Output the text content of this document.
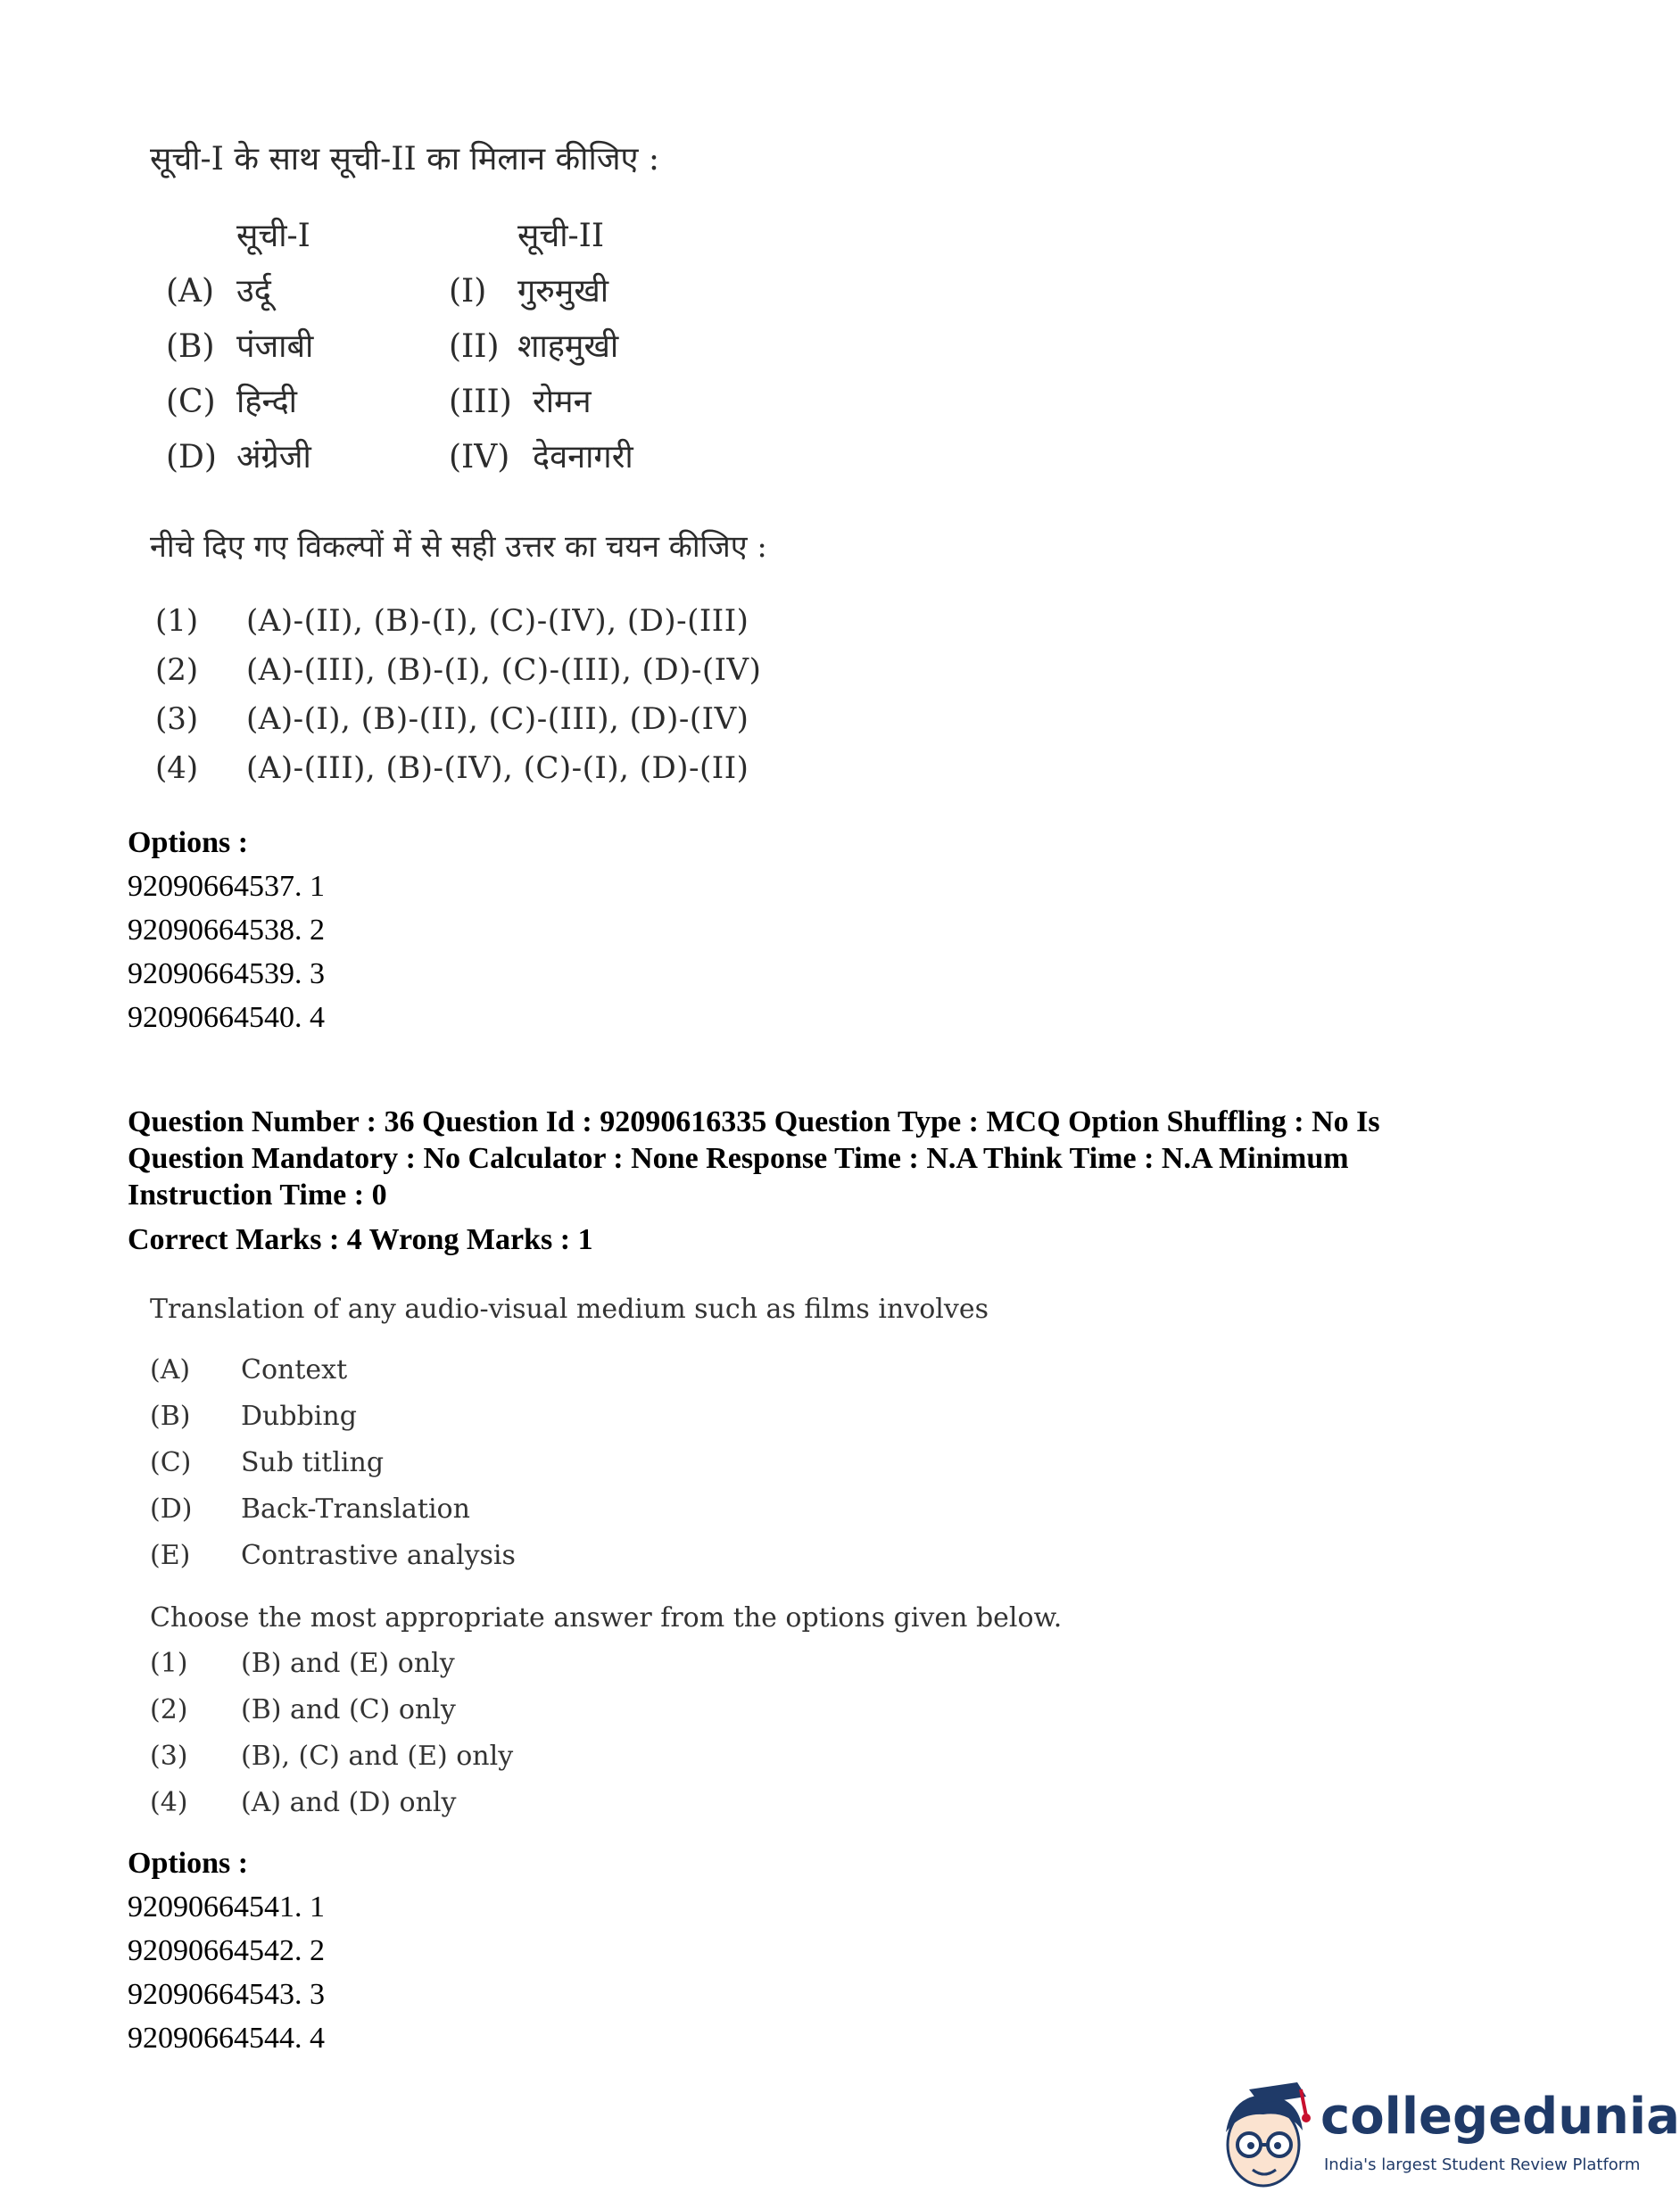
सूची-I के साथ सूची-II का मिलान कीजिए :
सूची-I	सूची-II
(A) उर्दू	(I) गुरुमुखी
(B) पंजाबी	(II) शाहमुखी
(C) हिन्दी	(III) रोमन
(D) अंग्रेजी	(IV) देवनागरी
नीचे दिए गए विकल्पों में से सही उत्तर का चयन कीजिए :
(1) (A)-(II), (B)-(I), (C)-(IV), (D)-(III)
(2) (A)-(III), (B)-(I), (C)-(III), (D)-(IV)
(3) (A)-(I), (B)-(II), (C)-(III), (D)-(IV)
(4) (A)-(III), (B)-(IV), (C)-(I), (D)-(II)
Options :
92090664537. 1
92090664538. 2
92090664539. 3
92090664540. 4
Question Number : 36 Question Id : 92090616335 Question Type : MCQ Option Shuffling : No Is
Question Mandatory : No Calculator : None Response Time : N.A Think Time : N.A Minimum
Instruction Time : 0
Correct Marks : 4 Wrong Marks : 1
Translation of any audio-visual medium such as films involves
(A) Context
(B) Dubbing
(C) Sub titling
(D) Back-Translation
(E) Contrastive analysis
Choose the most appropriate answer from the options given below.
(1) (B) and (E) only
(2) (B) and (C) only
(3) (B), (C) and (E) only
(4) (A) and (D) only
Options :
92090664541. 1
92090664542. 2
92090664543. 3
92090664544. 4
collegedunia
India's largest Student Review Platform
